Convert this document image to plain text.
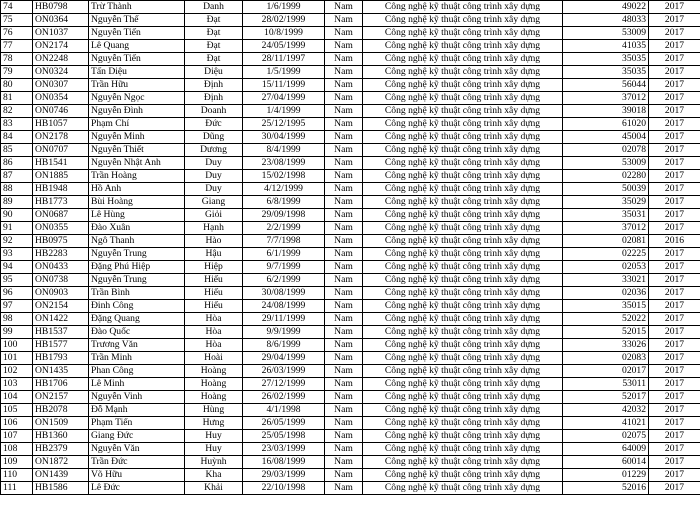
74	HB0798	Trừ Thành	Danh	1/6/1999	Nam	Công nghệ kỹ thuật công trình xây dựng	49022	2017
75	ON0364	Nguyễn Thế	Đạt	28/02/1999	Nam	Công nghệ kỹ thuật công trình xây dựng	48033	2017
76	ON1037	Nguyễn Tiến	Đạt	10/8/1999	Nam	Công nghệ kỹ thuật công trình xây dựng	53009	2017
77	ON2174	Lê Quang	Đạt	24/05/1999	Nam	Công nghệ kỹ thuật công trình xây dựng	41035	2017
78	ON2248	Nguyễn Tiến	Đạt	28/11/1997	Nam	Công nghệ kỹ thuật công trình xây dựng	35035	2017
79	ON0324	Tấn Diệu	Diệu	1/5/1999	Nam	Công nghệ kỹ thuật công trình xây dựng	35035	2017
80	ON0307	Trần Hữu	Định	15/11/1999	Nam	Công nghệ kỹ thuật công trình xây dựng	56044	2017
81	ON0354	Nguyễn Ngọc	Định	27/04/1999	Nam	Công nghệ kỹ thuật công trình xây dựng	37012	2017
82	ON0746	Nguyễn Đình	Doanh	1/4/1999	Nam	Công nghệ kỹ thuật công trình xây dựng	39018	2017
83	HB1057	Phạm Chí	Đức	25/12/1995	Nam	Công nghệ kỹ thuật công trình xây dựng	61020	2017
84	ON2178	Nguyễn Minh	Dũng	30/04/1999	Nam	Công nghệ kỹ thuật công trình xây dựng	45004	2017
85	ON0707	Nguyễn Thiết	Dương	8/4/1999	Nam	Công nghệ kỹ thuật công trình xây dựng	02078	2017
86	HB1541	Nguyễn Nhật Anh	Duy	23/08/1999	Nam	Công nghệ kỹ thuật công trình xây dựng	53009	2017
87	ON1885	Trần Hoàng	Duy	15/02/1998	Nam	Công nghệ kỹ thuật công trình xây dựng	02280	2017
88	HB1948	Hồ Anh	Duy	4/12/1999	Nam	Công nghệ kỹ thuật công trình xây dựng	50039	2017
89	HB1773	Bùi Hoàng	Giang	6/8/1999	Nam	Công nghệ kỹ thuật công trình xây dựng	35029	2017
90	ON0687	Lê Hùng	Giỏi	29/09/1998	Nam	Công nghệ kỹ thuật công trình xây dựng	35031	2017
91	ON0355	Đào Xuân	Hạnh	2/2/1999	Nam	Công nghệ kỹ thuật công trình xây dựng	37012	2017
92	HB0975	Ngô Thanh	Hào	7/7/1998	Nam	Công nghệ kỹ thuật công trình xây dựng	02081	2016
93	HB2283	Nguyễn Trung	Hậu	6/1/1999	Nam	Công nghệ kỹ thuật công trình xây dựng	02225	2017
94	ON0433	Đặng Phú Hiệp	Hiệp	9/7/1999	Nam	Công nghệ kỹ thuật công trình xây dựng	02053	2017
95	ON0738	Nguyễn Trung	Hiếu	6/2/1999	Nam	Công nghệ kỹ thuật công trình xây dựng	33021	2017
96	ON0903	Trần Bình	Hiếu	30/08/1999	Nam	Công nghệ kỹ thuật công trình xây dựng	02036	2017
97	ON2154	Đinh Công	Hiếu	24/08/1999	Nam	Công nghệ kỹ thuật công trình xây dựng	35015	2017
98	ON1422	Đặng Quang	Hòa	29/11/1999	Nam	Công nghệ kỹ thuật công trình xây dựng	52022	2017
99	HB1537	Đào Quốc	Hòa	9/9/1999	Nam	Công nghệ kỹ thuật công trình xây dựng	52015	2017
100	HB1577	Trương Văn	Hòa	8/6/1999	Nam	Công nghệ kỹ thuật công trình xây dựng	33026	2017
101	HB1793	Trần Minh	Hoài	29/04/1999	Nam	Công nghệ kỹ thuật công trình xây dựng	02083	2017
102	ON1435	Phan Công	Hoàng	26/03/1999	Nam	Công nghệ kỹ thuật công trình xây dựng	02017	2017
103	HB1706	Lê Minh	Hoàng	27/12/1999	Nam	Công nghệ kỹ thuật công trình xây dựng	53011	2017
104	ON2157	Nguyễn Vinh	Hoàng	26/02/1999	Nam	Công nghệ kỹ thuật công trình xây dựng	52017	2017
105	HB2078	Đỗ Mạnh	Hùng	4/1/1998	Nam	Công nghệ kỹ thuật công trình xây dựng	42032	2017
106	ON1509	Phạm Tiến	Hưng	26/05/1999	Nam	Công nghệ kỹ thuật công trình xây dựng	41021	2017
107	HB1360	Giang Đức	Huy	25/05/1998	Nam	Công nghệ kỹ thuật công trình xây dựng	02075	2017
108	HB2379	Nguyễn Văn	Huy	23/03/1999	Nam	Công nghệ kỹ thuật công trình xây dựng	64009	2017
109	ON1872	Trần Đức	Huỳnh	16/08/1999	Nam	Công nghệ kỹ thuật công trình xây dựng	60014	2017
110	ON1439	Võ Hữu	Kha	29/03/1999	Nam	Công nghệ kỹ thuật công trình xây dựng	01229	2017
111	HB1586	Lê Đức	Khải	22/10/1998	Nam	Công nghệ kỹ thuật công trình xây dựng	52016	2017
